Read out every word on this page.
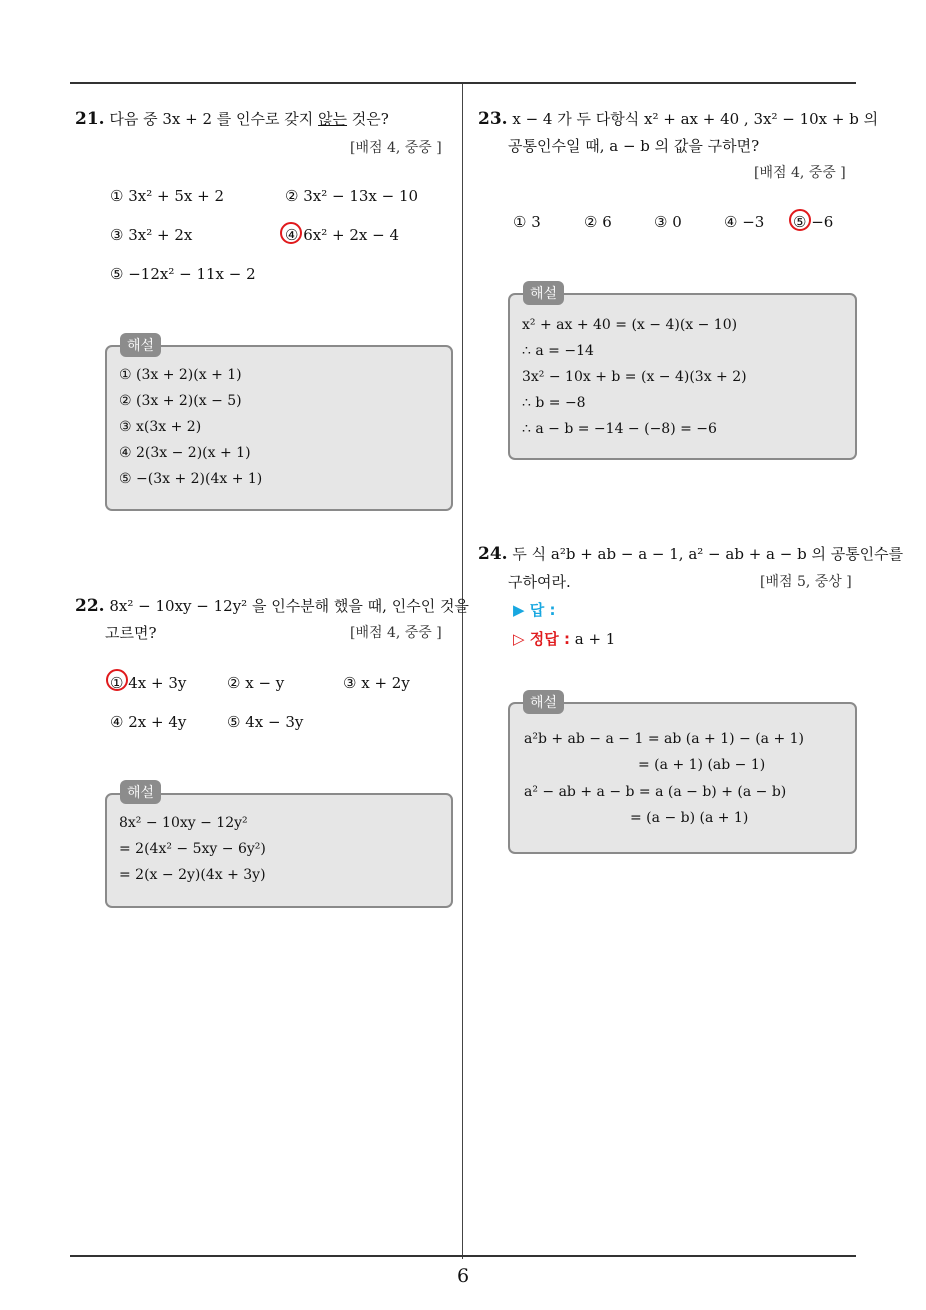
6
21. 다음 중 3x + 2 를 인수로 갖지 않는 것은?
[배점 4, 중중 ]
① 3x² + 5x + 2	② 3x² − 13x − 10
③ 3x² + 2x	④ 6x² + 2x − 4
⑤ −12x² − 11x − 2
① (3x + 2)(x + 1)
② (3x + 2)(x − 5)
③ x(3x + 2)
④ 2(3x − 2)(x + 1)
⑤ −(3x + 2)(4x + 1)
해설
22. 8x² − 10xy − 12y² 을 인수분해 했을 때, 인수인 것을
고르면?	[배점 4, 중중 ]
① 4x + 3y	② x − y	③ x + 2y
④ 2x + 4y	⑤ 4x − 3y
8x² − 10xy − 12y²
= 2(4x² − 5xy − 6y²)
= 2(x − 2y)(4x + 3y)
해설
23. x − 4 가 두 다항식 x² + ax + 40 , 3x² − 10x + b 의
공통인수일 때, a − b 의 값을 구하면?
[배점 4, 중중 ]
① 3	② 6	③ 0	④ −3 ⑤ −6
x² + ax + 40 = (x − 4)(x − 10)
∴ a = −14
3x² − 10x + b = (x − 4)(3x + 2)
∴ b = −8
∴ a − b = −14 − (−8) = −6
해설
24. 두 식 a²b + ab − a − 1, a² − ab + a − b 의 공통인수를
구하여라.	[배점 5, 중상 ]
▶ 답 :
▷ 정답 : a + 1
a²b + ab − a − 1 = ab (a + 1) − (a + 1)
= (a + 1) (ab − 1)
a² − ab + a − b = a (a − b) + (a − b)
= (a − b) (a + 1)
해설
